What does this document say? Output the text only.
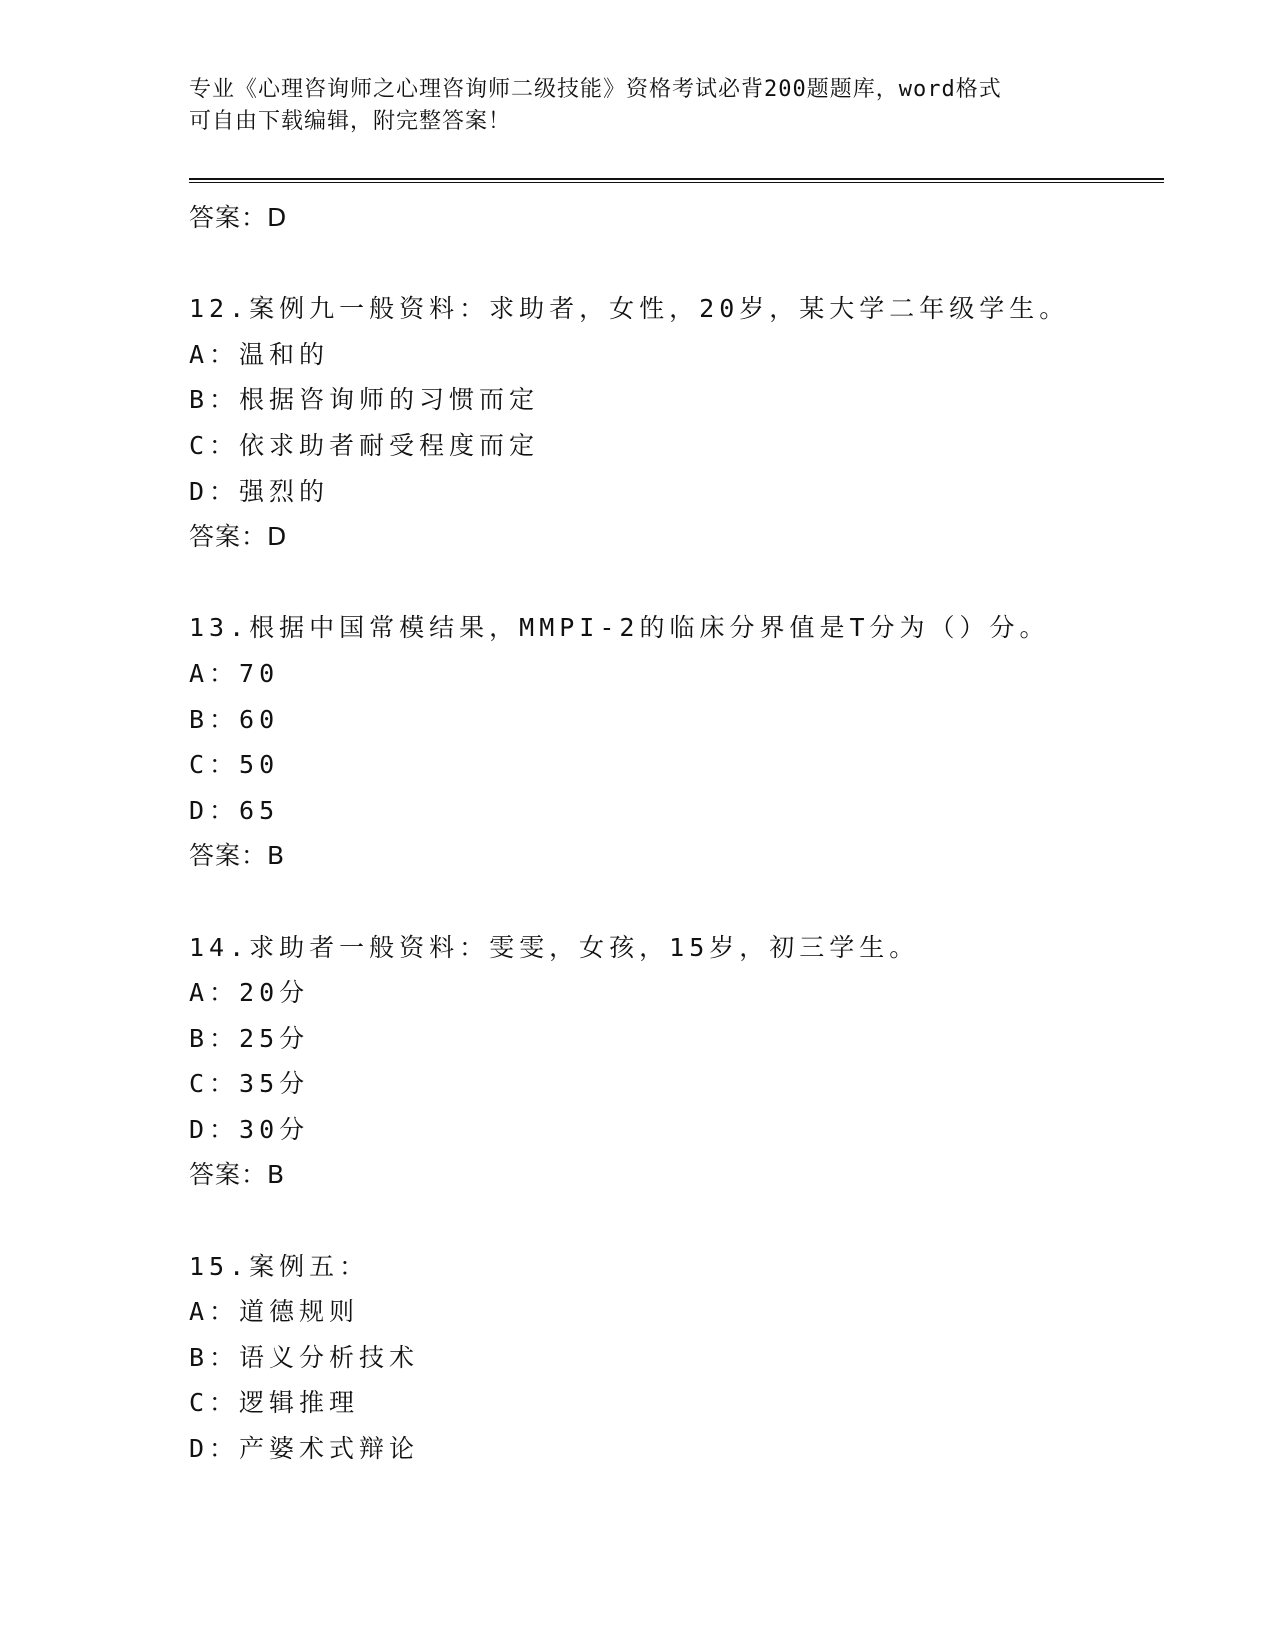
专业《心理咨询师之心理咨询师二级技能》资格考试必背200题题库，word格式
可自由下载编辑，附完整答案！
答案：D
12.案例九一般资料：求助者，女性，20岁，某大学二年级学生。
A：温和的
B：根据咨询师的习惯而定
C：依求助者耐受程度而定
D：强烈的
答案：D
13.根据中国常模结果，MMPI-2的临床分界值是T分为（）分。
A：70
B：60
C：50
D：65
答案：B
14.求助者一般资料：雯雯，女孩，15岁，初三学生。
A：20分
B：25分
C：35分
D：30分
答案：B
15.案例五：
A：道德规则
B：语义分析技术
C：逻辑推理
D：产婆术式辩论
